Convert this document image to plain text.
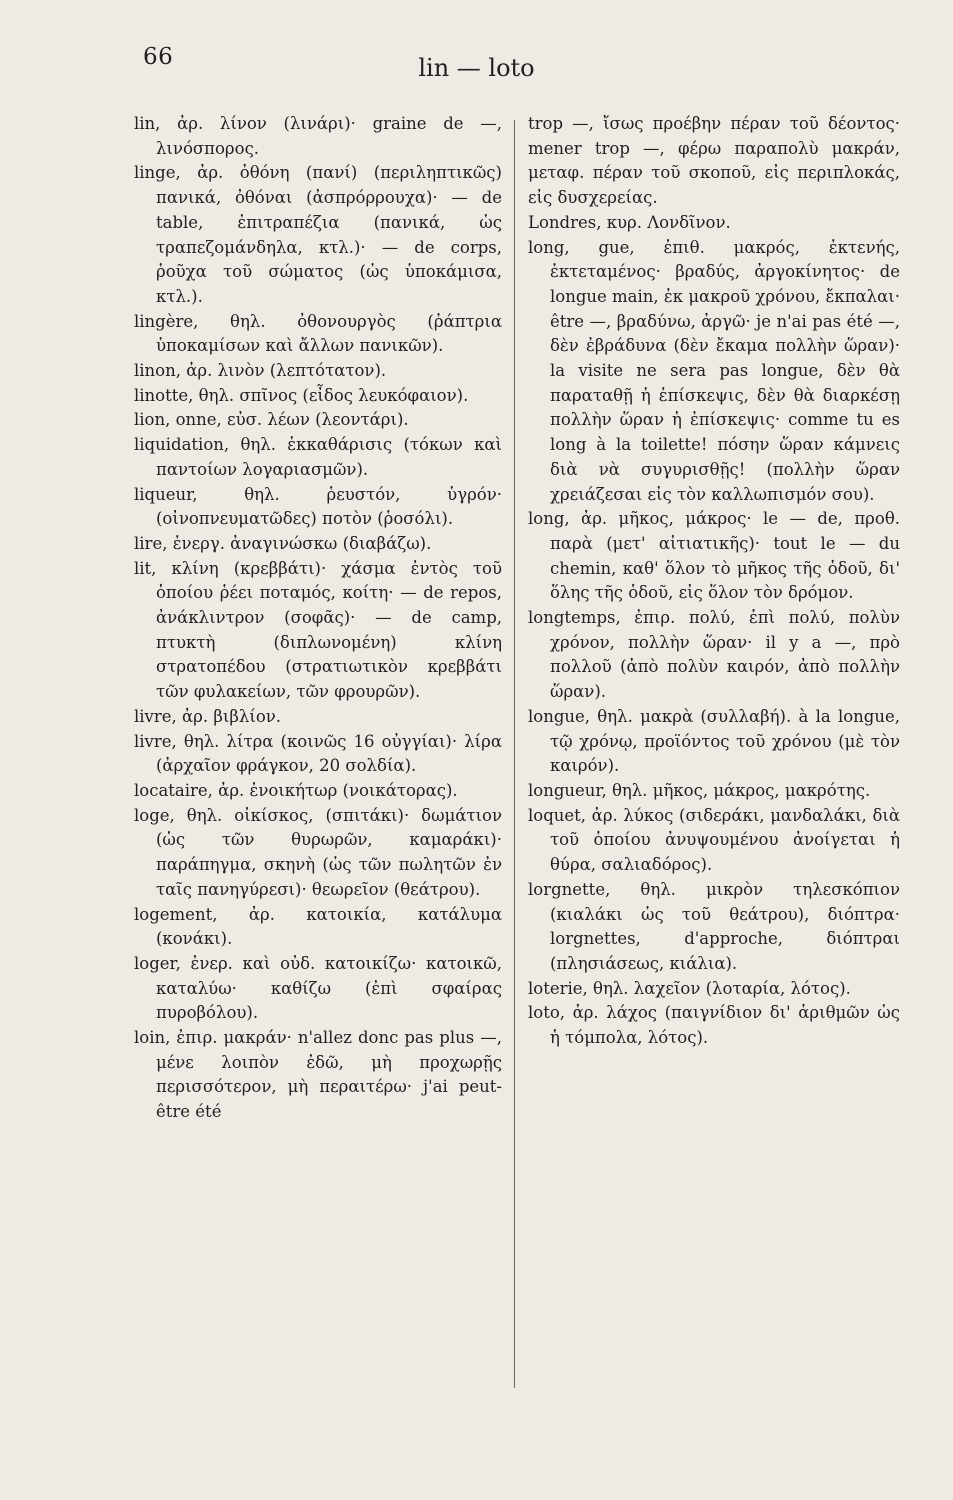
66	lin — loto

lin, ἀρ. λίνον (λινάρι)· graine de —, λινόσπορος.

linge, ἀρ. ὀθόνη (πανί) (περιληπτικῶς) πανικά, ὀθόναι (ἀσπρόρρουχα)· — de table, ἐπιτραπέζια (πανικά, ὡς τραπεζομάνδηλα, κτλ.)· — de corps, ῥοῦχα τοῦ σώματος (ὡς ὑποκάμισα, κτλ.).

lingère, θηλ. ὀθονουργὸς (ῥάπτρια ὑποκαμίσων καὶ ἄλλων πανικῶν).

linon, ἀρ. λινὸν (λεπτότατον).

linotte, θηλ. σπῖνος (εἶδος λευκόφαιον).

lion, onne, εὐσ. λέων (λεοντάρι).

liquidation, θηλ. ἐκκαθάρισις (τόκων καὶ παντοίων λογαριασμῶν).

liqueur, θηλ. ῥευστόν, ὑγρόν· (οἰνοπνευματῶδες) ποτὸν (ῥοσόλι).

lire, ἐνεργ. ἀναγινώσκω (διαβάζω).

lit, κλίνη (κρεββάτι)· χάσμα ἐντὸς τοῦ ὁποίου ῥέει ποταμός, κοίτη· — de repos, ἀνάκλιντρον (σοφᾶς)· — de camp, πτυκτὴ (διπλωνομένη) κλίνη στρατοπέδου (στρατιωτικὸν κρεββάτι τῶν φυλακείων, τῶν φρουρῶν).

livre, ἀρ. βιβλίον.

livre, θηλ. λίτρα (κοινῶς 16 οὐγγίαι)· λίρα (ἀρχαῖον φράγκον, 20 σολδία).

locataire, ἀρ. ἐνοικήτωρ (νοικάτορας).

loge, θηλ. οἰκίσκος, (σπιτάκι)· δωμάτιον (ὡς τῶν θυρωρῶν, καμαράκι)· παράπηγμα, σκηνὴ (ὡς τῶν πωλητῶν ἐν ταῖς πανηγύρεσι)· θεωρεῖον (θεάτρου).

logement, ἀρ. κατοικία, κατάλυμα (κονάκι).

loger, ἐνερ. καὶ οὐδ. κατοικίζω· κατοικῶ, καταλύω· καθίζω (ἐπὶ σφαίρας πυροβόλου).

loin, ἐπιρ. μακράν· n'allez donc pas plus —, μένε λοιπὸν ἐδῶ, μὴ προχωρῇς περισσότερον, μὴ περαιτέρω· j'ai peut-être été

trop —, ἴσως προέβην πέραν τοῦ δέοντος· mener trop —, φέρω παραπολὺ μακράν, μεταφ. πέραν τοῦ σκοποῦ, εἰς περιπλοκάς, εἰς δυσχερείας.

Londres, κυρ. Λονδῖνον.

long, gue, ἐπιθ. μακρός, ἐκτενής, ἐκτεταμένος· βραδύς, ἀργοκίνητος· de longue main, ἐκ μακροῦ χρόνου, ἔκπαλαι· être —, βραδύνω, ἀργῶ· je n'ai pas été —, δὲν ἐβράδυνα (δὲν ἔκαμα πολλὴν ὥραν)· la visite ne sera pas longue, δὲν θὰ παραταθῇ ἡ ἐπίσκεψις, δὲν θὰ διαρκέσῃ πολλὴν ὥραν ἡ ἐπίσκεψις· comme tu es long à la toilette! πόσην ὥραν κάμνεις διὰ νὰ συγυρισθῇς! (πολλὴν ὥραν χρειάζεσαι εἰς τὸν καλλωπισμόν σου).

long, ἀρ. μῆκος, μάκρος· le — de, προθ. παρὰ (μετ' αἰτιατικῆς)· tout le — du chemin, καθ' ὅλον τὸ μῆκος τῆς ὁδοῦ, δι' ὅλης τῆς ὁδοῦ, εἰς ὅλον τὸν δρόμον.

longtemps, ἐπιρ. πολύ, ἐπὶ πολύ, πολὺν χρόνον, πολλὴν ὥραν· il y a —, πρὸ πολλοῦ (ἀπὸ πολὺν καιρόν, ἀπὸ πολλὴν ὥραν).

longue, θηλ. μακρὰ (συλλαβή). à la longue, τῷ χρόνῳ, προϊόντος τοῦ χρόνου (μὲ τὸν καιρόν).

longueur, θηλ. μῆκος, μάκρος, μακρότης.

loquet, ἀρ. λύκος (σιδεράκι, μανδαλάκι, διὰ τοῦ ὁποίου ἀνυψουμένου ἀνοίγεται ἡ θύρα, σαλιαδόρος).

lorgnette, θηλ. μικρὸν τηλεσκόπιον (κιαλάκι ὡς τοῦ θεάτρου), διόπτρα· lorgnettes, d'approche, διόπτραι (πλησιάσεως, κιάλια).

loterie, θηλ. λαχεῖον (λοταρία, λότος).

loto, ἀρ. λάχος (παιγνίδιον δι' ἀριθμῶν ὡς ἡ τόμπολα, λότος).
